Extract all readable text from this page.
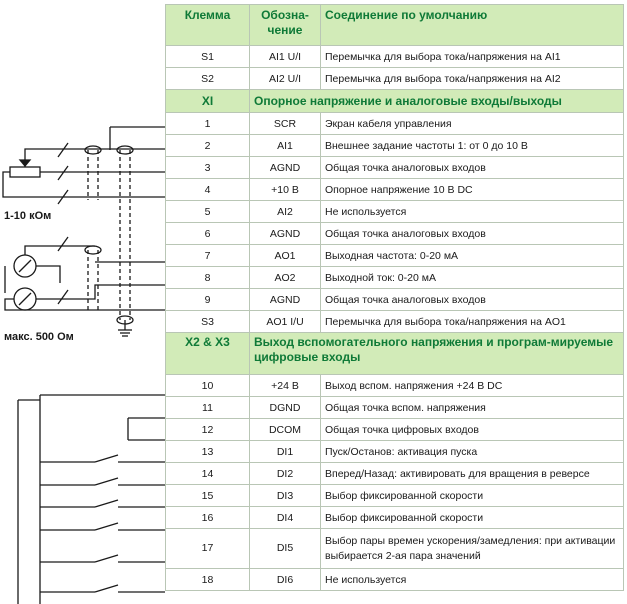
1-10 кОм
макс. 500 Ом
Клемма	Обозна-чение	Соединение по умолчанию
S1	AI1 U/I	Перемычка для выбора тока/напряжения на AI1
S2	AI2 U/I	Перемычка для выбора тока/напряжения на AI2
XI	Опорное напряжение и аналоговые входы/выходы	
1	SCR	Экран кабеля управления
2	AI1	Внешнее задание частоты 1: от 0 до 10 В
3	AGND	Общая точка аналоговых входов
4	+10 В	Опорное напряжение 10 В DC
5	AI2	Не используется
6	AGND	Общая точка аналоговых входов
7	AO1	Выходная частота: 0-20 мА
8	AO2	Выходной ток: 0-20 мА
9	AGND	Общая точка аналоговых входов
S3	AO1 I/U	Перемычка для выбора тока/напряжения на AO1
X2 & X3	Выход вспомогательного напряжения и програм-мируемые цифровые входы	
10	+24 В	Выход вспом. напряжения +24 В DC
11	DGND	Общая точка вспом. напряжения
12	DCOM	Общая точка цифровых входов
13	DI1	Пуск/Останов: активация пуска
14	DI2	Вперед/Назад: активировать для вращения в реверсе
15	DI3	Выбор фиксированной скорости
16	DI4	Выбор фиксированной скорости
17	DI5	Выбор пары времен ускорения/замедления: при активации выбирается 2-ая пара значений
18	DI6	Не используется
